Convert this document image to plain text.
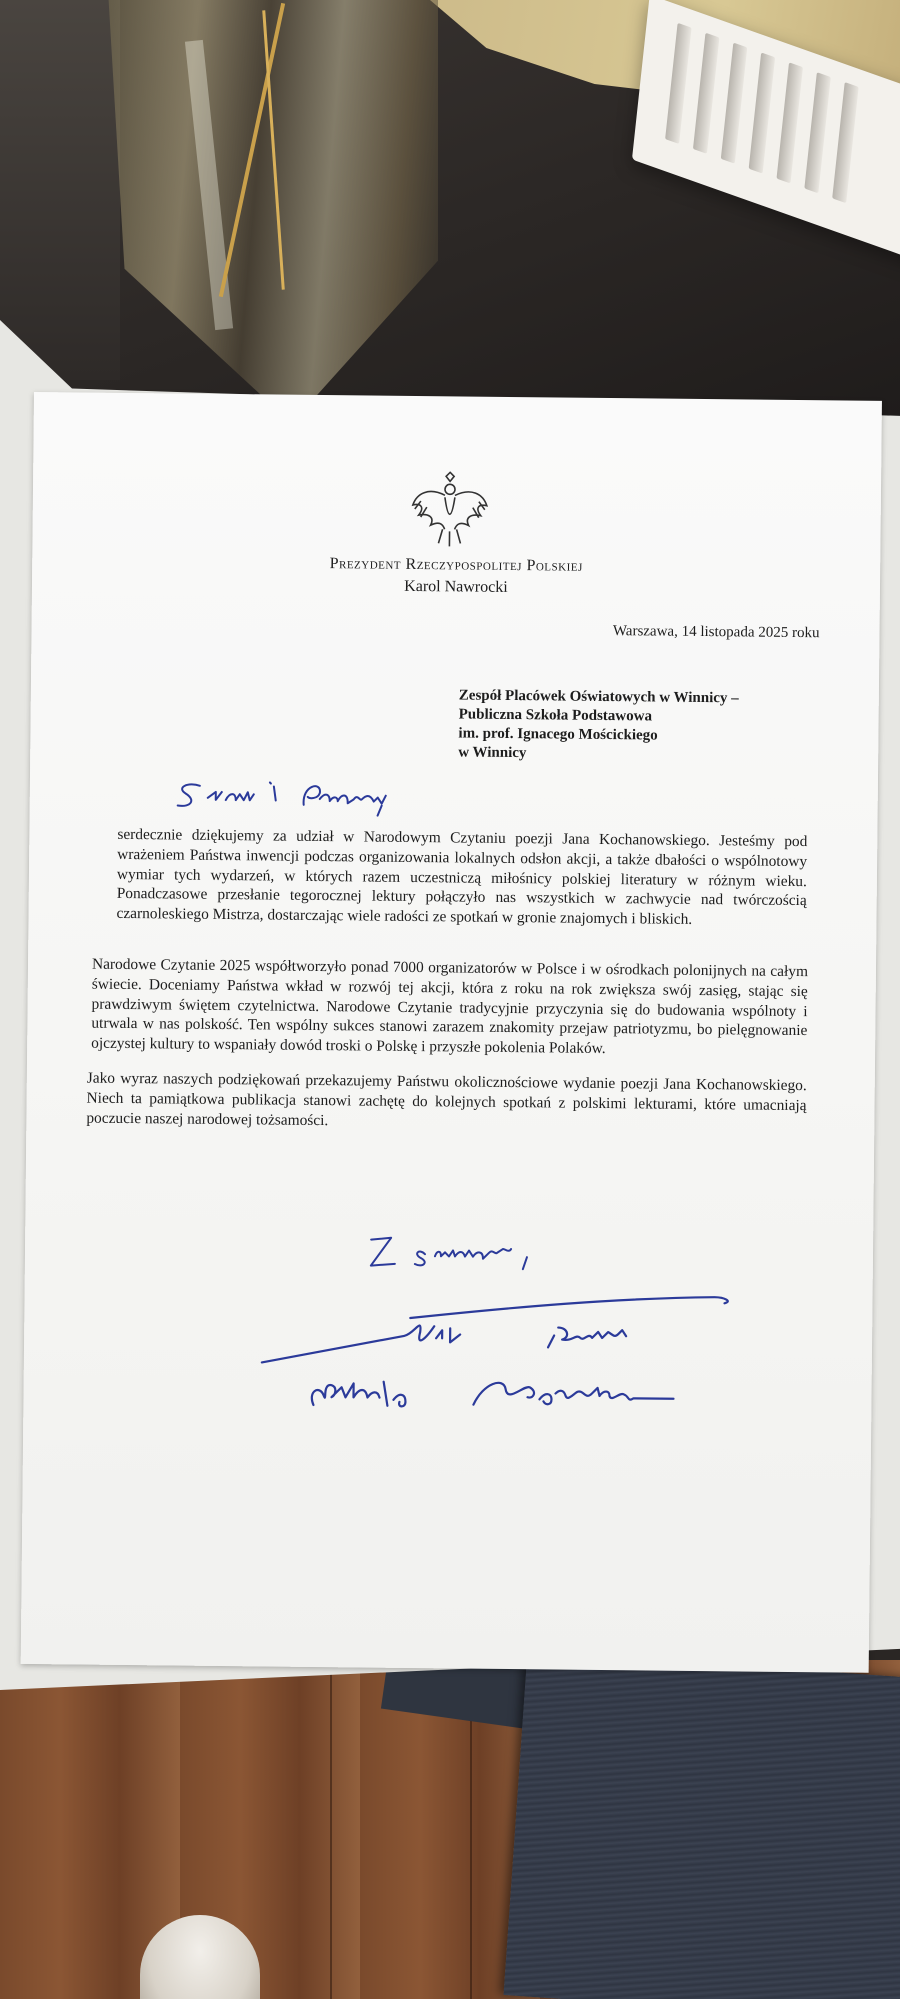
Prezydent Rzeczypospolitej Polskiej
Karol Nawrocki
Warszawa, 14 listopada 2025 roku
Zespół Placówek Oświatowych w Winnicy –
Publiczna Szkoła Podstawowa
im. prof. Ignacego Mościckiego
w Winnicy
serdecznie dziękujemy za udział w Narodowym Czytaniu poezji Jana Kochanowskiego. Jesteśmy pod wrażeniem Państwa inwencji podczas organizowania lokalnych odsłon akcji, a także dbałości o wspólnotowy wymiar tych wydarzeń, w których razem uczestniczą miłośnicy polskiej literatury w różnym wieku. Ponadczasowe przesłanie tegorocznej lektury połączyło nas wszystkich w zachwycie nad twórczością czarnoleskiego Mistrza, dostarczając wiele radości ze spotkań w gronie znajomych i bliskich.
Narodowe Czytanie 2025 współtworzyło ponad 7000 organizatorów w Polsce i w ośrodkach polonijnych na całym świecie. Doceniamy Państwa wkład w rozwój tej akcji, która z roku na rok zwiększa swój zasięg, stając się prawdziwym świętem czytelnictwa. Narodowe Czytanie tradycyjnie przyczynia się do budowania wspólnoty i utrwala w nas polskość. Ten wspólny sukces stanowi zarazem znakomity przejaw patriotyzmu, bo pielęgnowanie ojczystej kultury to wspaniały dowód troski o Polskę i przyszłe pokolenia Polaków.
Jako wyraz naszych podziękowań przekazujemy Państwu okolicznościowe wydanie poezji Jana Kochanowskiego. Niech ta pamiątkowa publikacja stanowi zachętę do kolejnych spotkań z polskimi lekturami, które umacniają poczucie naszej narodowej tożsamości.
